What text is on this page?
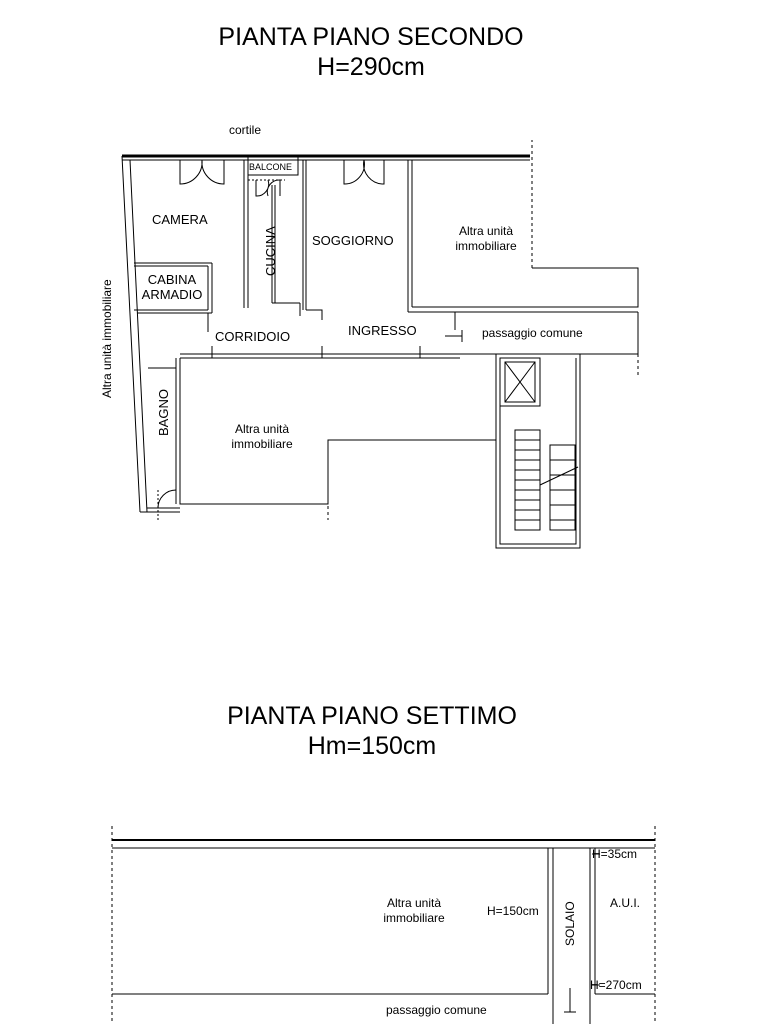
PIANTA PIANO SECONDO
H=290cm
PIANTA PIANO SETTIMO
Hm=150cm
cortile
BALCONE
CAMERA
CUCINA	SOGGIORNO
Altra unità
immobiliare
CABINA
ARMADIO
CORRIDOIO	INGRESSO	passaggio comune
Altra unità immobiliare
BAGNO	Altra unità
immobiliare
Altra unità
immobiliare	H=150cm SOLAIO	A.U.I.
H=35cm
H=270cm
passaggio comune
